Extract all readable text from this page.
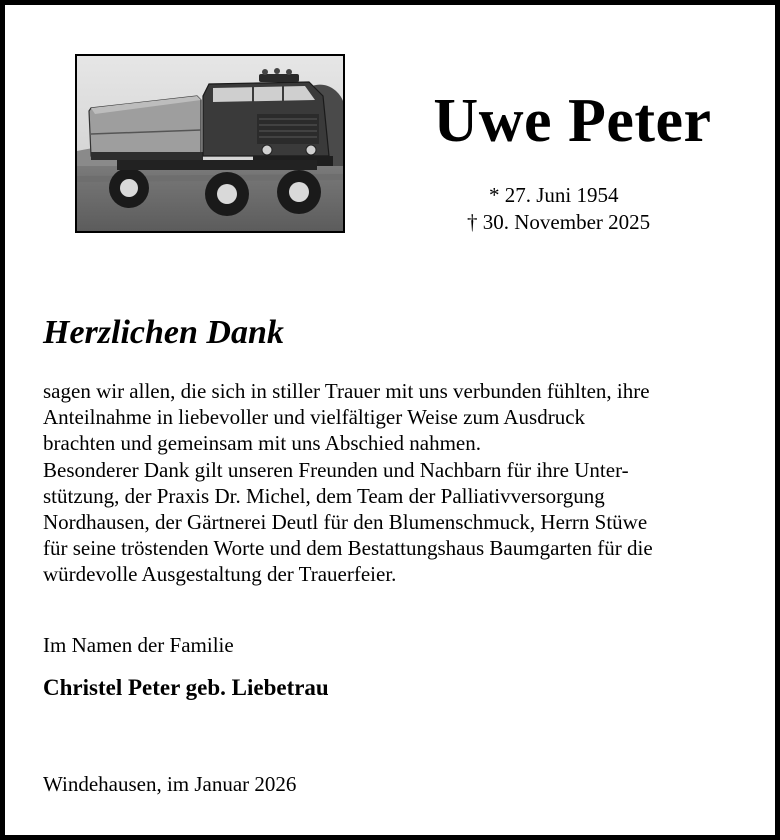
Uwe Peter
* 27. Juni 1954
† 30. November 2025
Herzlichen Dank

sagen wir allen, die sich in stiller Trauer mit uns verbunden fühlten, ihre
Anteilnahme in liebevoller und vielfältiger Weise zum Ausdruck
brachten und gemeinsam mit uns Abschied nahmen.

Besonderer Dank gilt unseren Freunden und Nachbarn für ihre Unter-
stützung, der Praxis Dr. Michel, dem Team der Palliativversorgung
Nordhausen, der Gärtnerei Deutl für den Blumenschmuck, Herrn Stüwe
für seine tröstenden Worte und dem Bestattungshaus Baumgarten für die
würdevolle Ausgestaltung der Trauerfeier.

Im Namen der Familie
Christel Peter geb. Liebetrau
Windehausen, im Januar 2026
